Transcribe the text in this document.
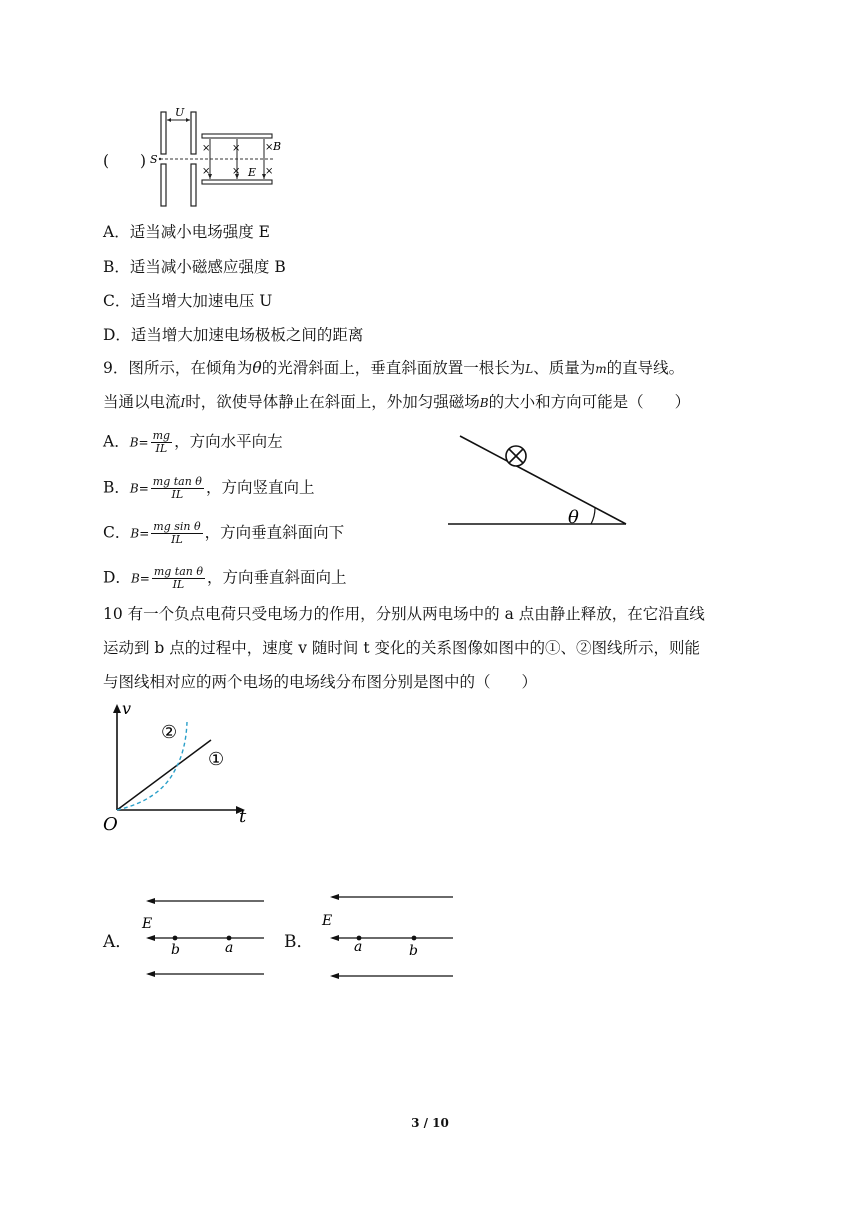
(　　)
U
S
× × × B
× × ×
E
A．适当减小电场强度 E
B．适当减小磁感应强度 B
C．适当增大加速电压 U
D．适当增大加速电场极板之间的距离
9．图所示，在倾角为θ的光滑斜面上，垂直斜面放置一根长为L、质量为m的直导线。
当通以电流I时，欲使导体静止在斜面上，外加匀强磁场B的大小和方向可能是（　　）
A．$B= \frac{mg}{IL}$ ，方向水平向左
B．$B= \frac{\text{mg tan θ}}{IL}$ ，方向竖直向上
C．$B= \frac{\text{mg sin θ}}{IL}$ ，方向垂直斜面向下
D．$B= \frac{\text{mg tan θ}}{IL}$ ，方向垂直斜面向上
θ
10 有一个负点电荷只受电场力的作用，分别从两电场中的 a 点由静止释放，在它沿直线
运动到 b 点的过程中，速度 v 随时间 t 变化的关系图像如图中的①、②图线所示，则能
与图线相对应的两个电场的电场线分布图分别是图中的（　　）
v
t
O
①
②
A．
E
b	a	B．
E
a	b
3 / 10
